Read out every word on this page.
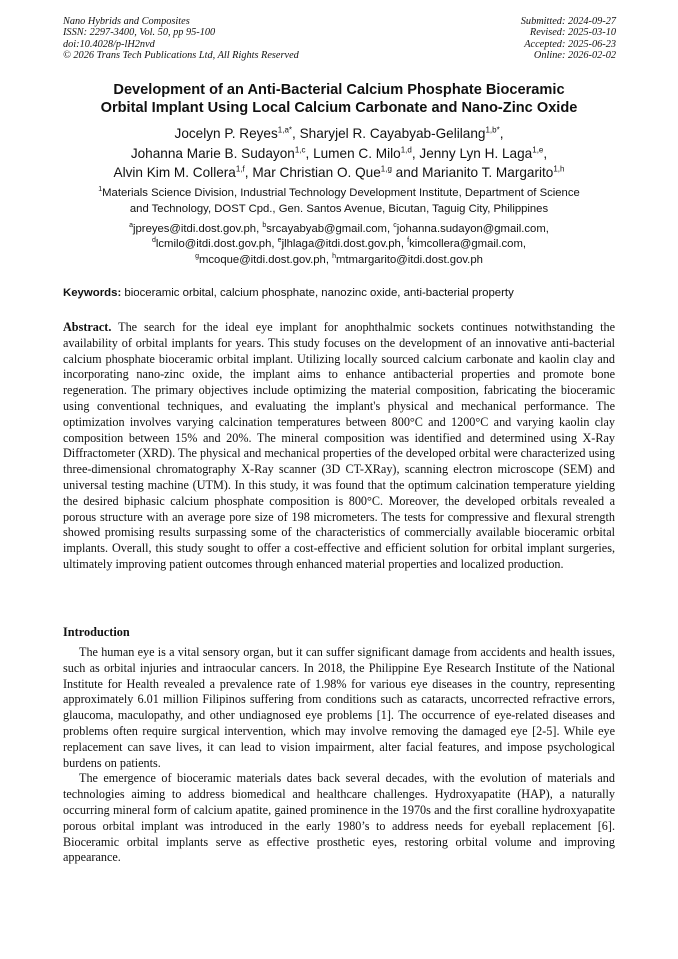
Nano Hybrids and Composites
ISSN: 2297-3400, Vol. 50, pp 95-100
doi:10.4028/p-lH2nvd
© 2026 Trans Tech Publications Ltd, All Rights Reserved
Submitted: 2024-09-27
Revised: 2025-03-10
Accepted: 2025-06-23
Online: 2026-02-02
Development of an Anti-Bacterial Calcium Phosphate Bioceramic
Orbital Implant Using Local Calcium Carbonate and Nano-Zinc Oxide
Jocelyn P. Reyes$^{1,a*}$, Sharyjel R. Cayabyab-Gelilang$^{1,b*}$,
Johanna Marie B. Sudayon$^{1,c}$, Lumen C. Milo$^{1,d}$, Jenny Lyn H. Laga$^{1,e}$,
Alvin Kim M. Collera$^{1,f}$, Mar Christian O. Que$^{1,g}$ and Marianito T. Margarito$^{1,h}$
$^1$Materials Science Division, Industrial Technology Development Institute, Department of Science
and Technology, DOST Cpd., Gen. Santos Avenue, Bicutan, Taguig City, Philippines
$^a$jpreyes@itdi.dost.gov.ph, $^b$srcayabyab@gmail.com, $^c$johanna.sudayon@gmail.com,
$^d$lcmilo@itdi.dost.gov.ph, $^e$jlhlaga@itdi.dost.gov.ph, $^f$kimcollera@gmail.com,
$^g$mcoque@itdi.dost.gov.ph, $^h$mtmargarito@itdi.dost.gov.ph
Keywords: bioceramic orbital, calcium phosphate, nanozinc oxide, anti-bacterial property
Abstract. The search for the ideal eye implant for anophthalmic sockets continues notwithstanding the availability of orbital implants for years. This study focuses on the development of an innovative anti-bacterial calcium phosphate bioceramic orbital implant. Utilizing locally sourced calcium carbonate and kaolin clay and incorporating nano-zinc oxide, the implant aims to enhance antibacterial properties and promote bone regeneration. The primary objectives include optimizing the material composition, fabricating the bioceramic using conventional techniques, and evaluating the implant's physical and mechanical performance. The optimization involves varying calcination temperatures between 800°C and 1200°C and varying kaolin clay composition between 15% and 20%. The mineral composition was identified and determined using X-Ray Diffractometer (XRD). The physical and mechanical properties of the developed orbital were characterized using three-dimensional chromatography X-Ray scanner (3D CT-XRay), scanning electron microscope (SEM) and universal testing machine (UTM). In this study, it was found that the optimum calcination temperature yielding the desired biphasic calcium phosphate composition is 800°C. Moreover, the developed orbitals revealed a porous structure with an average pore size of 198 micrometers. The tests for compressive and flexural strength showed promising results surpassing some of the characteristics of commercially available bioceramic orbital implants. Overall, this study sought to offer a cost-effective and efficient solution for orbital implant surgeries, ultimately improving patient outcomes through enhanced material properties and localized production.
Introduction

The human eye is a vital sensory organ, but it can suffer significant damage from accidents and health issues, such as orbital injuries and intraocular cancers. In 2018, the Philippine Eye Research Institute of the National Institute for Health revealed a prevalence rate of 1.98% for various eye diseases in the country, representing approximately 6.01 million Filipinos suffering from conditions such as cataracts, uncorrected refractive errors, glaucoma, maculopathy, and other undiagnosed eye problems [1]. The occurrence of eye-related diseases and problems often require surgical intervention, which may involve removing the damaged eye [2-5]. While eye replacement can save lives, it can lead to vision impairment, alter facial features, and impose psychological burdens on patients.

The emergence of bioceramic materials dates back several decades, with the evolution of materials and technologies aiming to address biomedical and healthcare challenges. Hydroxyapatite (HAP), a naturally occurring mineral form of calcium apatite, gained prominence in the 1970s and the first coralline hydroxyapatite porous orbital implant was introduced in the early 1980’s to address needs for eyeball replacement [6]. Bioceramic orbital implants serve as effective prosthetic eyes, restoring orbital volume and improving appearance.
